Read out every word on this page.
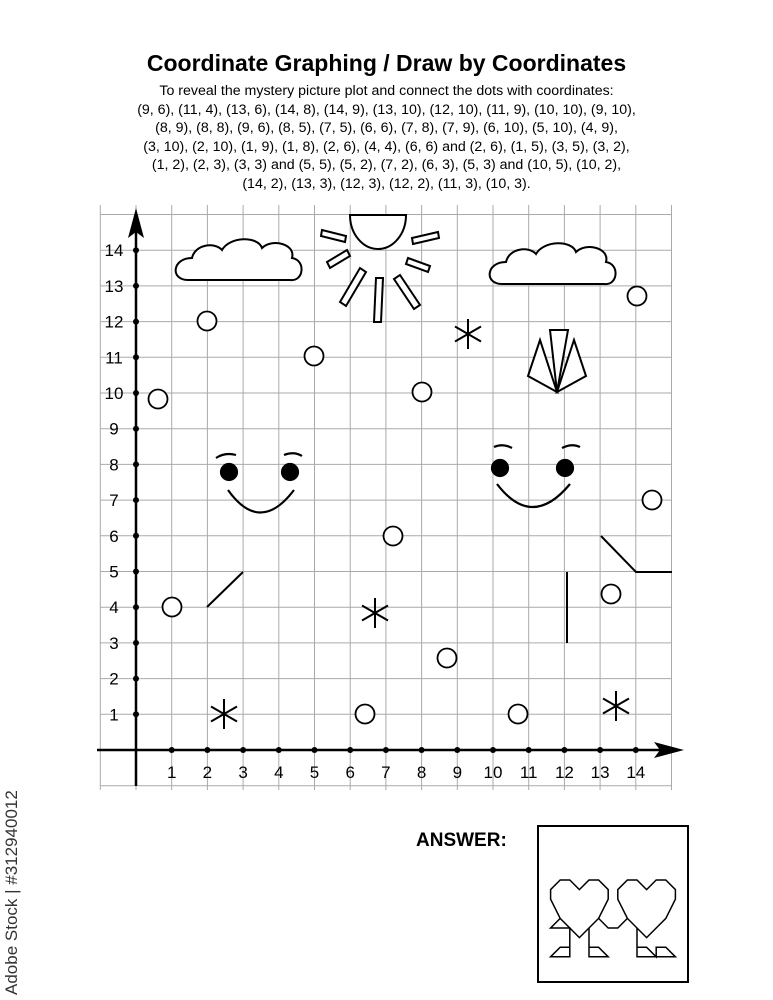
Coordinate Graphing / Draw by Coordinates
To reveal the mystery picture plot and connect the dots with coordinates:
(9, 6), (11, 4), (13, 6), (14, 8), (14, 9), (13, 10), (12, 10), (11, 9), (10, 10), (9, 10),
(8, 9), (8, 8), (9, 6), (8, 5), (7, 5), (6, 6), (7, 8), (7, 9), (6, 10), (5, 10), (4, 9),
(3, 10), (2, 10), (1, 9), (1, 8), (2, 6), (4, 4), (6, 6) and (2, 6), (1, 5), (3, 5), (3, 2),
(1, 2), (2, 3), (3, 3) and (5, 5), (5, 2), (7, 2), (6, 3), (5, 3) and (10, 5), (10, 2),
(14, 2), (13, 3), (12, 3), (12, 2), (11, 3), (10, 3).
1 2 3 4 5 6 7 8 9 10 11 12 13 14
1
2
3
4
5
6
7
8
9
10
11
12
13
14
ANSWER:
Adobe Stock | #312940012
